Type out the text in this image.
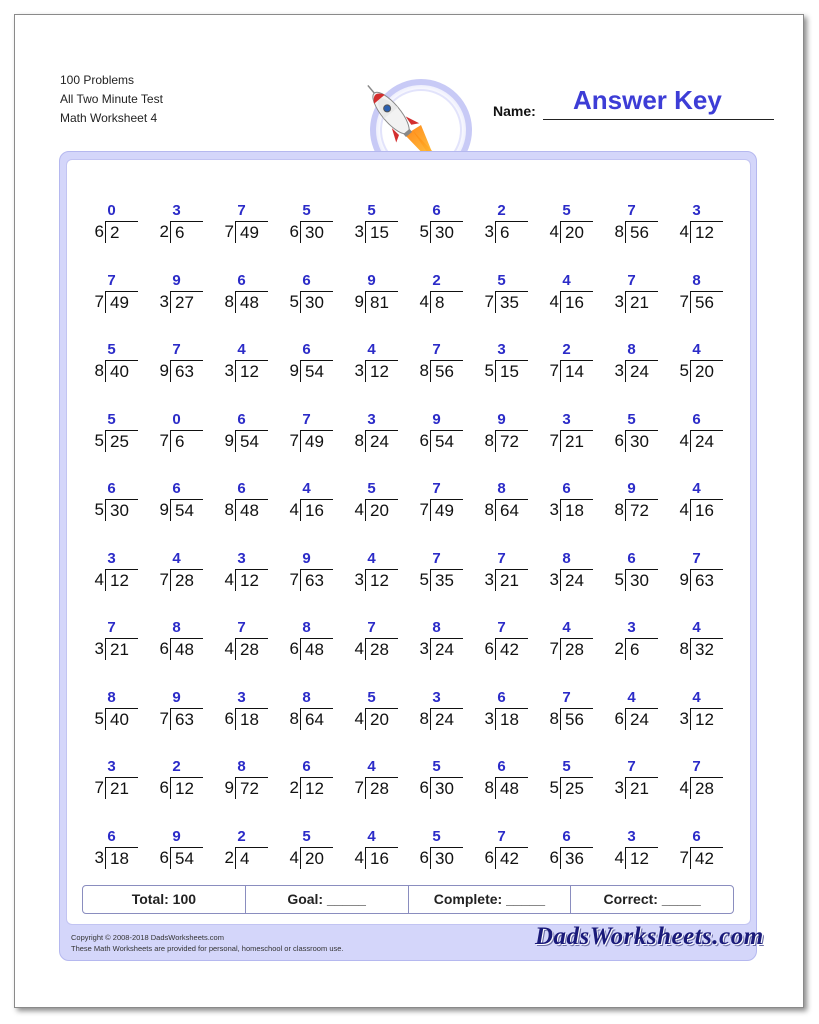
100 Problems
All Two Minute Test
Math Worksheet 4
Answer Key
Name:
0
6 2
3
2 6
7
7 49
5
6 30
5
3 15
6
5 30
2
3 6
5
4 20
7
8 56
3
4 12
7
7 49
9
3 27
6
8 48
6
5 30
9
9 81
2
4 8
5
7 35
4
4 16
7
3 21
8
7 56
5
8 40
7
9 63
4
3 12
6
9 54
4
3 12
7
8 56
3
5 15
2
7 14
8
3 24
4
5 20
5
5 25
0
7 6
6
9 54
7
7 49
3
8 24
9
6 54
9
8 72
3
7 21
5
6 30
6
4 24
6
5 30
6
9 54
6
8 48
4
4 16
5
4 20
7
7 49
8
8 64
6
3 18
9
8 72
4
4 16
3
4 12
4
7 28
3
4 12
9
7 63
4
3 12
7
5 35
7
3 21
8
3 24
6
5 30
7
9 63
7
3 21
8
6 48
7
4 28
8
6 48
7
4 28
8
3 24
7
6 42
4
7 28
3
2 6
4
8 32
8
5 40
9
7 63
3
6 18
8
8 64
5
4 20
3
8 24
6
3 18
7
8 56
4
6 24
4
3 12
3
7 21
2
6 12
8
9 72
6
2 12
4
7 28
5
6 30
6
8 48
5
5 25
7
3 21
7
4 28
6
3 18
9
6 54
2
2 4
5
4 20
4
4 16
5
6 30
7
6 42
6
6 36
3
4 12
6
7 42
Total: 100	Goal: _____	Complete: _____	Correct: _____
Copyright © 2008-2018 DadsWorksheets.com
These Math Worksheets are provided for personal, homeschool or classroom use.	DadsWorksheets.com
